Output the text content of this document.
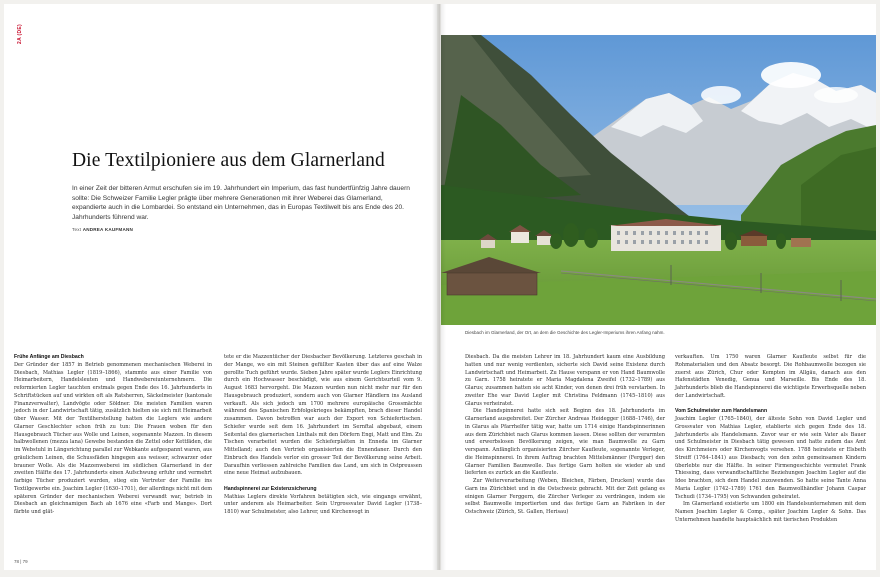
2A (DE)
Die Textilpioniere aus dem Glarnerland

In einer Zeit der bitteren Armut erschufen sie im 19. Jahrhundert ein Imperium, das fast hundertfünfzig Jahre dauern sollte: Die Schweizer Familie Legler prägte über mehrere Generationen mit ihrer Weberei das Glarnerland, expandierte auch in die Lombardei. So entstand ein Unternehmen, das in Europas Textilwelt bis ans Ende des 20. Jahrhunderts führend war.

Text ANDREA KAUFMANN
Frühe Anfänge am Diesbach

Der Gründer der 1857 in Betrieb genommenen mechanischen Weberei in Diesbach, Mathias Legler (1819–1866), stammte aus einer Familie von Heimarbeitern, Handelsleuten und Handwebereiunternehmern. Die reformierten Legler tauchten erstmals gegen Ende des 16. Jahrhunderts in Schriftstücken auf und wirkten oft als Ratsherren, Säckelmeister (kantonale Finanzverwalter), Landvögte oder Söldner. Die meisten Familien waren jedoch in der Landwirtschaft tätig, zusätzlich hielten sie sich mit Heimarbeit über Wasser. Mit der Textilherstellung hatten die Leglers wie andere Glarner Geschlechter schon früh zu tun: Die Frauen woben für den Hausgebrauch Tücher aus Wolle und Leinen, sogenannte Mazzen. In diesem halbwollenen (mezza lana) Gewebe bestanden die Zettel oder Kettfäden, die im Webstuhl in Längsrichtung parallel zur Webkante aufgespannt waren, aus gräulichem Leinen, die Schussfäden hingegen aus weisser, schwarzer oder brauner Wolle. Als die Mazzenweberei im südlichen Glarnerland in der zweiten Hälfte des 17. Jahrhunderts einen Aufschwung erfuhr und vermehrt farbige Tücher produziert wurden, stieg ein Vertreter der Familie ins Textilgewerbe ein. Joachim Legler (1630–1701), der allerdings nicht mit dem späteren Gründer der mechanischen Weberei verwandt war, betrieb in Diesbach an gleichnamigen Bach ab 1676 eine «Farb und Mange». Dort färbte und glät-

tete er die Mazzentücher der Diesbacher Bevölkerung. Letzteres geschah in der Mange, wo ein mit Steinen gefüllter Kasten über das auf eine Walze gerollte Tuch geführt wurde. Sieben Jahre später wurde Leglers Einrichtung durch ein Hochwasser beschädigt, wie aus einem Gerichtsurteil vom 9. August 1683 hervorgeht. Die Mazzen wurden nun nicht mehr nur für den Hausgebrauch produziert, sondern auch von Glarner Händlern ins Ausland verkauft. Als sich jedoch um 1700 mehrere europäische Grossmächte während des Spanischen Erbfolgekrieges bekämpften, brach dieser Handel zusammen. Davon betroffen war auch der Export von Schiefertischen. Schiefer wurde seit dem 16. Jahrhundert im Sernftal abgebaut, einem Seitental des glarnerischen Linthals mit den Dörfern Engi, Matt und Elm. Zu Tischen verarbeitet wurden die Schieferplatten in Enneda im Glarner Mittelland; auch den Vertrieb organisierten die Ennendaner. Durch den Einbruch des Handels verlor ein grosser Teil der Bevölkerung seine Arbeit. Daraufhin verliessen zahlreiche Familien das Land, um sich in Ostpreussen eine neue Heimat aufzubauen.

Handspinnerei zur Existenzsicherung

Mathias Leglers direkte Vorfahren betätigten sich, wie eingangs erwähnt, unter anderem als Heimarbeiter. Sein Urgrossvater David Legler (1738–1810) war Schulmeister, also Lehrer, und Kirchenvogt in

78 | 79
Diesbach im Glarnerland, der Ort, an dem die Geschichte des Legler-Imperiums ihren Anfang nahm.

Diesbach. Da die meisten Lehrer im 18. Jahrhundert kaum eine Ausbildung hatten und nur wenig verdienten, sicherte sich David seine Existenz durch Landwirtschaft und Heimarbeit. Zu Hause verspann er von Hand Baumwolle zu Garn. 1758 heiratete er Maria Magdalena Zweifel (1732–1789) aus Glarus; zusammen hatten sie acht Kinder, von denen drei früh verstarben. In zweiter Ehe war David Legler mit Christina Feldmann (1745–1810) aus Glarus verheiratet.

Die Handspinnerei hatte sich seit Beginn des 18. Jahrhunderts im Glarnerland ausgebreitet. Der Zürcher Andreas Heidegger (1688–1746), der in Glarus als Pfarrhelfer tätig war, hatte um 1714 einige Handspinnerinnen aus dem Zürichbiet nach Glarus kommen lassen. Diese sollten der verarmten und erwerbslosen Bevölkerung zeigen, wie man Baumwolle zu Garn verspann. Anfänglich organisierten Zürcher Kaufleute, sogenannte Verleger, die Heimspinnerei. In ihrem Auftrag brachten Mittelsmänner (Fergger) den Glarner Familien Baumwolle. Das fertige Garn holten sie wieder ab und lieferten es zurück an die Kaufleute.

Zur Weiterverarbeitung (Weben, Bleichen, Färben, Drucken) wurde das Garn ins Zürichbiet und in die Ostschweiz gebracht. Mit der Zeit gelang es einigen Glarner Ferggern, die Zürcher Verleger zu verdrängen, indem sie selbst Baumwolle importierten und das fertige Garn an Fabriken in der Ostschweiz (Zürich, St. Gallen, Herisau)

verkauften. Um 1750 waren Glarner Kaufleute selbst für die Rohmaterialien und den Absatz besorgt. Die Rohbaumwolle bezogen sie zuerst aus Zürich, Chur oder Kempten im Allgäu, danach aus den Hafenstädten Venedig, Genua und Marseille. Bis Ende des 18. Jahrhunderts blieb die Handspinnerei die wichtigste Erwerbsquelle neben der Landwirtschaft.

Vom Schulmeister zum Handelsmann

Joachim Legler (1765–1840), der älteste Sohn von David Legler und Grossvater von Mathias Legler, etablierte sich gegen Ende des 18. Jahrhunderts als Handelsmann. Zuvor war er wie sein Vater als Bauer und Schulmeister in Diesbach tätig gewesen und hatte zudem das Amt des Kirchmeiers oder Kirchenvogts versehen. 1788 heiratete er Elsbeth Streiff (1764–1841) aus Diesbach; von den zehn gemeinsamen Kindern überlebte nur die Hälfte. In seiner Firmengeschichte vermutet Frank Thiessing, dass verwandtschaftliche Beziehungen Joachim Legler auf die Idee brachten, sich dem Handel zuzuwenden. So hatte seine Tante Anna Maria Legler (1742–1789) 1761 den Baumwollhändler Johann Caspar Tschudi (1734–1795) von Schwanden geheiratet.

Im Glarnerland existierte um 1800 ein Handelsunternehmen mit dem Namen Joachim Legler & Comp., später Joachim Legler & Sohn. Das Unternehmen handelte hauptsächlich mit tierischen Produkten
